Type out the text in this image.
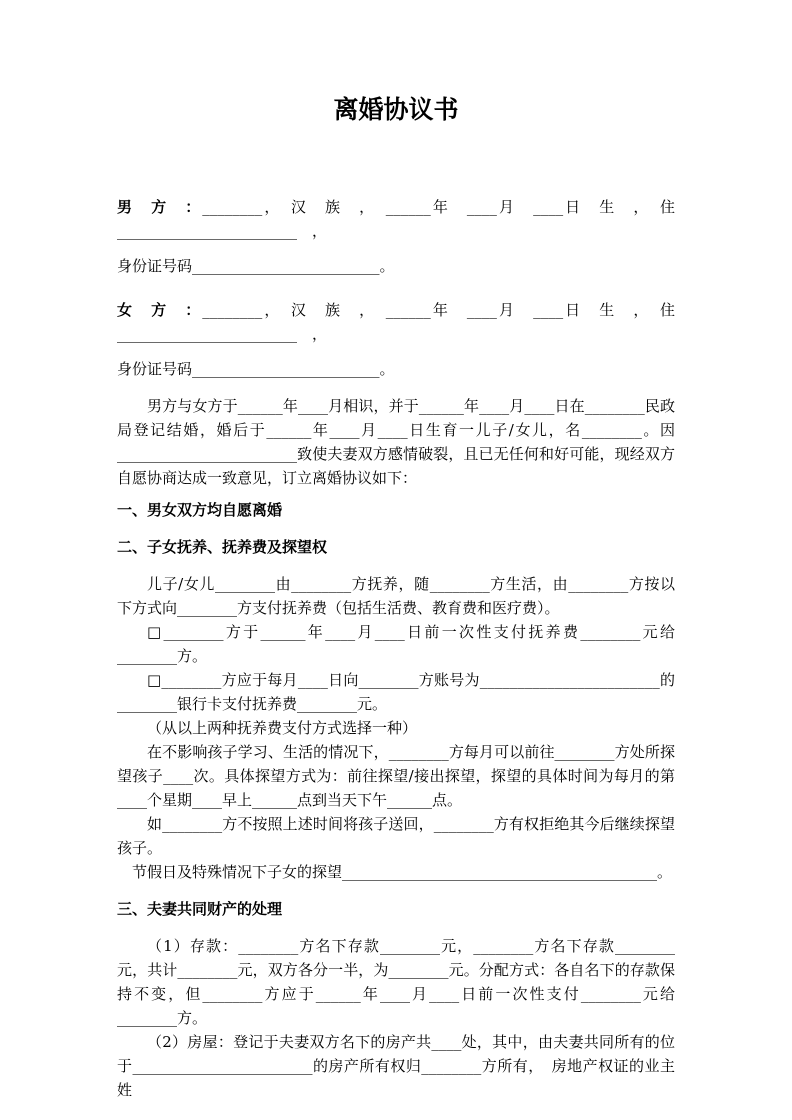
离婚协议书

男　方　：________，　汉　族　，　______年　____月　____日　生　，　住

________________________　，

身份证号码_________________________。

女　方　：________，　汉　族　，　______年　____月　____日　生　，　住

________________________　，

身份证号码_________________________。

男方与女方于______年____月相识，并于______年____月____日在________民政局登记结婚，婚后于______年____月____日生育一儿子/女儿，名________。因________________________致使夫妻双方感情破裂，且已无任何和好可能，现经双方自愿协商达成一致意见，订立离婚协议如下：

一、男女双方均自愿离婚

二、子女抚养、抚养费及探望权

儿子/女儿________由________方抚养，随________方生活，由________方按以下方式向________方支付抚养费（包括生活费、教育费和医疗费）。

□________方于______年____月____日前一次性支付抚养费________元给________方。

□________方应于每月____日向________方账号为________________________的________银行卡支付抚养费________元。

（从以上两种抚养费支付方式选择一种）

在不影响孩子学习、生活的情况下，________方每月可以前往________方处所探望孩子____次。具体探望方式为：前往探望/接出探望，探望的具体时间为每月的第____个星期____早上______点到当天下午______点。

如________方不按照上述时间将孩子送回，________方有权拒绝其今后继续探望孩子。

节假日及特殊情况下子女的探望__________________________________________。

三、夫妻共同财产的处理

（1）存款：________方名下存款________元，________方名下存款________元，共计________元，双方各分一半，为________元。分配方式：各自名下的存款保持不变，但________方应于______年____月____日前一次性支付________元给________方。

（2）房屋：登记于夫妻双方名下的房产共____处，其中，由夫妻共同所有的位于________________________的房产所有权归________方所有，　房地产权证的业主姓
